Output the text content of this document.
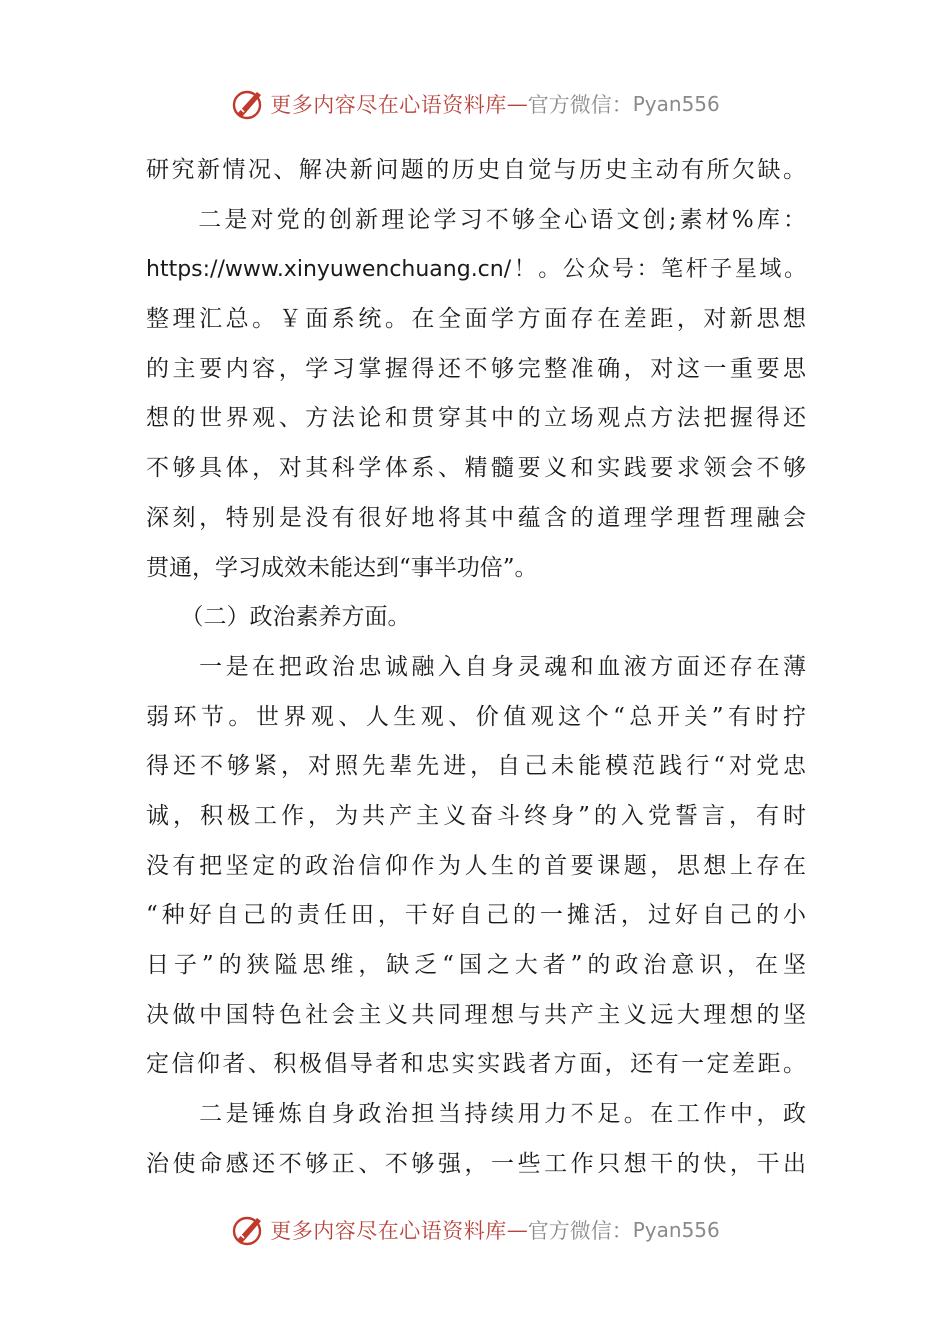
更多内容尽在心语资料库 — 官方微信： Pyan556
研究新情况、解决新问题的历史自觉与历史主动有所欠缺。
　　二是对党的创新理论学习不够全心语文创;素材%库：
https://www.xinyuwenchuang.cn/！。公众号：笔杆子星域。
整理汇总。￥面系统。在全面学方面存在差距，对新思想
的主要内容，学习掌握得还不够完整准确，对这一重要思
想的世界观、方法论和贯穿其中的立场观点方法把握得还
不够具体，对其科学体系、精髓要义和实践要求领会不够
深刻，特别是没有很好地将其中蕴含的道理学理哲理融会
贯通，学习成效未能达到“事半功倍”。
　　（二）政治素养方面。
　　一是在把政治忠诚融入自身灵魂和血液方面还存在薄
弱环节。世界观、人生观、价值观这个“总开关”有时拧
得还不够紧，对照先辈先进，自己未能模范践行“对党忠
诚，积极工作，为共产主义奋斗终身”的入党誓言，有时
没有把坚定的政治信仰作为人生的首要课题，思想上存在
“种好自己的责任田，干好自己的一摊活，过好自己的小
日子”的狭隘思维，缺乏“国之大者”的政治意识，在坚
决做中国特色社会主义共同理想与共产主义远大理想的坚
定信仰者、积极倡导者和忠实实践者方面，还有一定差距。
　　二是锤炼自身政治担当持续用力不足。在工作中，政
治使命感还不够正、不够强，一些工作只想干的快，干出
更多内容尽在心语资料库 — 官方微信： Pyan556
